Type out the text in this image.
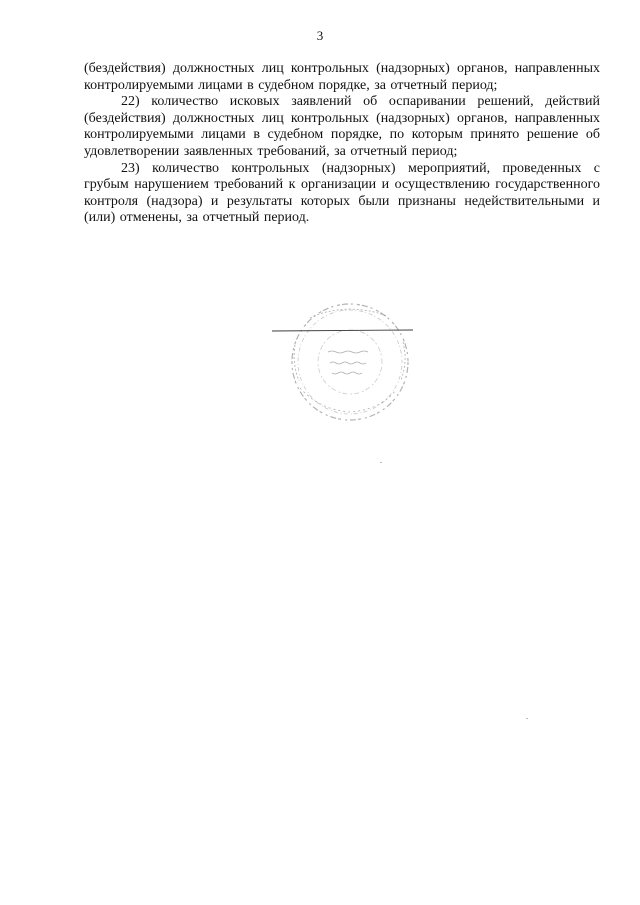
3

(бездействия) должностных лиц контрольных (надзорных) органов, направленных контролируемыми лицами в судебном порядке, за отчетный период;

22) количество исковых заявлений об оспаривании решений, действий (бездействия) должностных лиц контрольных (надзорных) органов, направленных контролируемыми лицами в судебном порядке, по которым принято решение об удовлетворении заявленных требований, за отчетный период;

23) количество контрольных (надзорных) мероприятий, проведенных с грубым нарушением требований к организации и осуществлению государственного контроля (надзора) и результаты которых были признаны недействительными и (или) отменены, за отчетный период.
